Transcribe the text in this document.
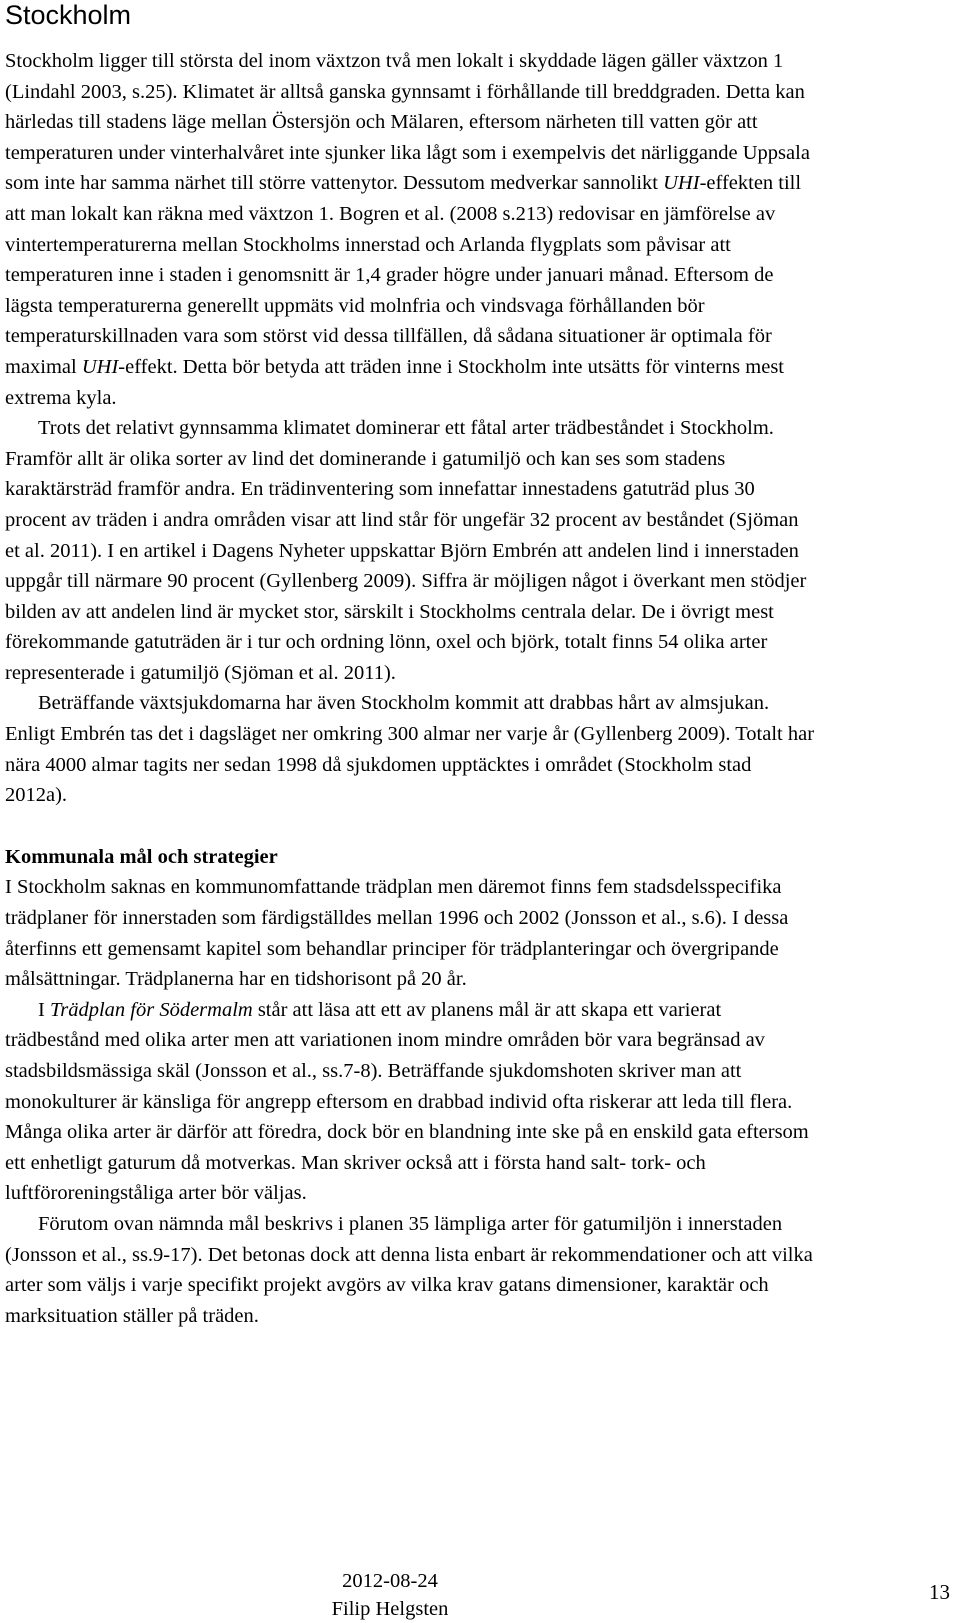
Stockholm

Stockholm ligger till största del inom växtzon två men lokalt i skyddade lägen gäller växtzon 1 (Lindahl 2003, s.25). Klimatet är alltså ganska gynnsamt i förhållande till breddgraden. Detta kan härledas till stadens läge mellan Östersjön och Mälaren, eftersom närheten till vatten gör att temperaturen under vinterhalvåret inte sjunker lika lågt som i exempelvis det närliggande Uppsala som inte har samma närhet till större vattenytor. Dessutom medverkar sannolikt UHI-effekten till att man lokalt kan räkna med växtzon 1. Bogren et al. (2008 s.213) redovisar en jämförelse av vintertemperaturerna mellan Stockholms innerstad och Arlanda flygplats som påvisar att temperaturen inne i staden i genomsnitt är 1,4 grader högre under januari månad. Eftersom de lägsta temperaturerna generellt uppmäts vid molnfria och vindsvaga förhållanden bör temperaturskillnaden vara som störst vid dessa tillfällen, då sådana situationer är optimala för maximal UHI-effekt. Detta bör betyda att träden inne i Stockholm inte utsätts för vinterns mest extrema kyla.

Trots det relativt gynnsamma klimatet dominerar ett fåtal arter trädbeståndet i Stockholm. Framför allt är olika sorter av lind det dominerande i gatumiljö och kan ses som stadens karaktärsträd framför andra. En trädinventering som innefattar innestadens gatuträd plus 30 procent av träden i andra områden visar att lind står för ungefär 32 procent av beståndet (Sjöman et al. 2011). I en artikel i Dagens Nyheter uppskattar Björn Embrén att andelen lind i innerstaden uppgår till närmare 90 procent (Gyllenberg 2009). Siffra är möjligen något i överkant men stödjer bilden av att andelen lind är mycket stor, särskilt i Stockholms centrala delar. De i övrigt mest förekommande gatuträden är i tur och ordning lönn, oxel och björk, totalt finns 54 olika arter representerade i gatumiljö (Sjöman et al. 2011).

Beträffande växtsjukdomarna har även Stockholm kommit att drabbas hårt av almsjukan. Enligt Embrén tas det i dagsläget ner omkring 300 almar ner varje år (Gyllenberg 2009). Totalt har nära 4000 almar tagits ner sedan 1998 då sjukdomen upptäcktes i området (Stockholm stad 2012a).

Kommunala mål och strategier

I Stockholm saknas en kommunomfattande trädplan men däremot finns fem stadsdelsspecifika trädplaner för innerstaden som färdigställdes mellan 1996 och 2002 (Jonsson et al., s.6). I dessa återfinns ett gemensamt kapitel som behandlar principer för trädplanteringar och övergripande målsättningar. Trädplanerna har en tidshorisont på 20 år.

I Trädplan för Södermalm står att läsa att ett av planens mål är att skapa ett varierat trädbestånd med olika arter men att variationen inom mindre områden bör vara begränsad av stadsbildsmässiga skäl (Jonsson et al., ss.7-8). Beträffande sjukdomshoten skriver man att monokulturer är känsliga för angrepp eftersom en drabbad individ ofta riskerar att leda till flera. Många olika arter är därför att föredra, dock bör en blandning inte ske på en enskild gata eftersom ett enhetligt gaturum då motverkas. Man skriver också att i första hand salt- tork- och luftföroreningståliga arter bör väljas.

Förutom ovan nämnda mål beskrivs i planen 35 lämpliga arter för gatumiljön i innerstaden (Jonsson et al., ss.9-17). Det betonas dock att denna lista enbart är rekommendationer och att vilka arter som väljs i varje specifikt projekt avgörs av vilka krav gatans dimensioner, karaktär och marksituation ställer på träden.

2012-08-24
Filip Helgsten
13
